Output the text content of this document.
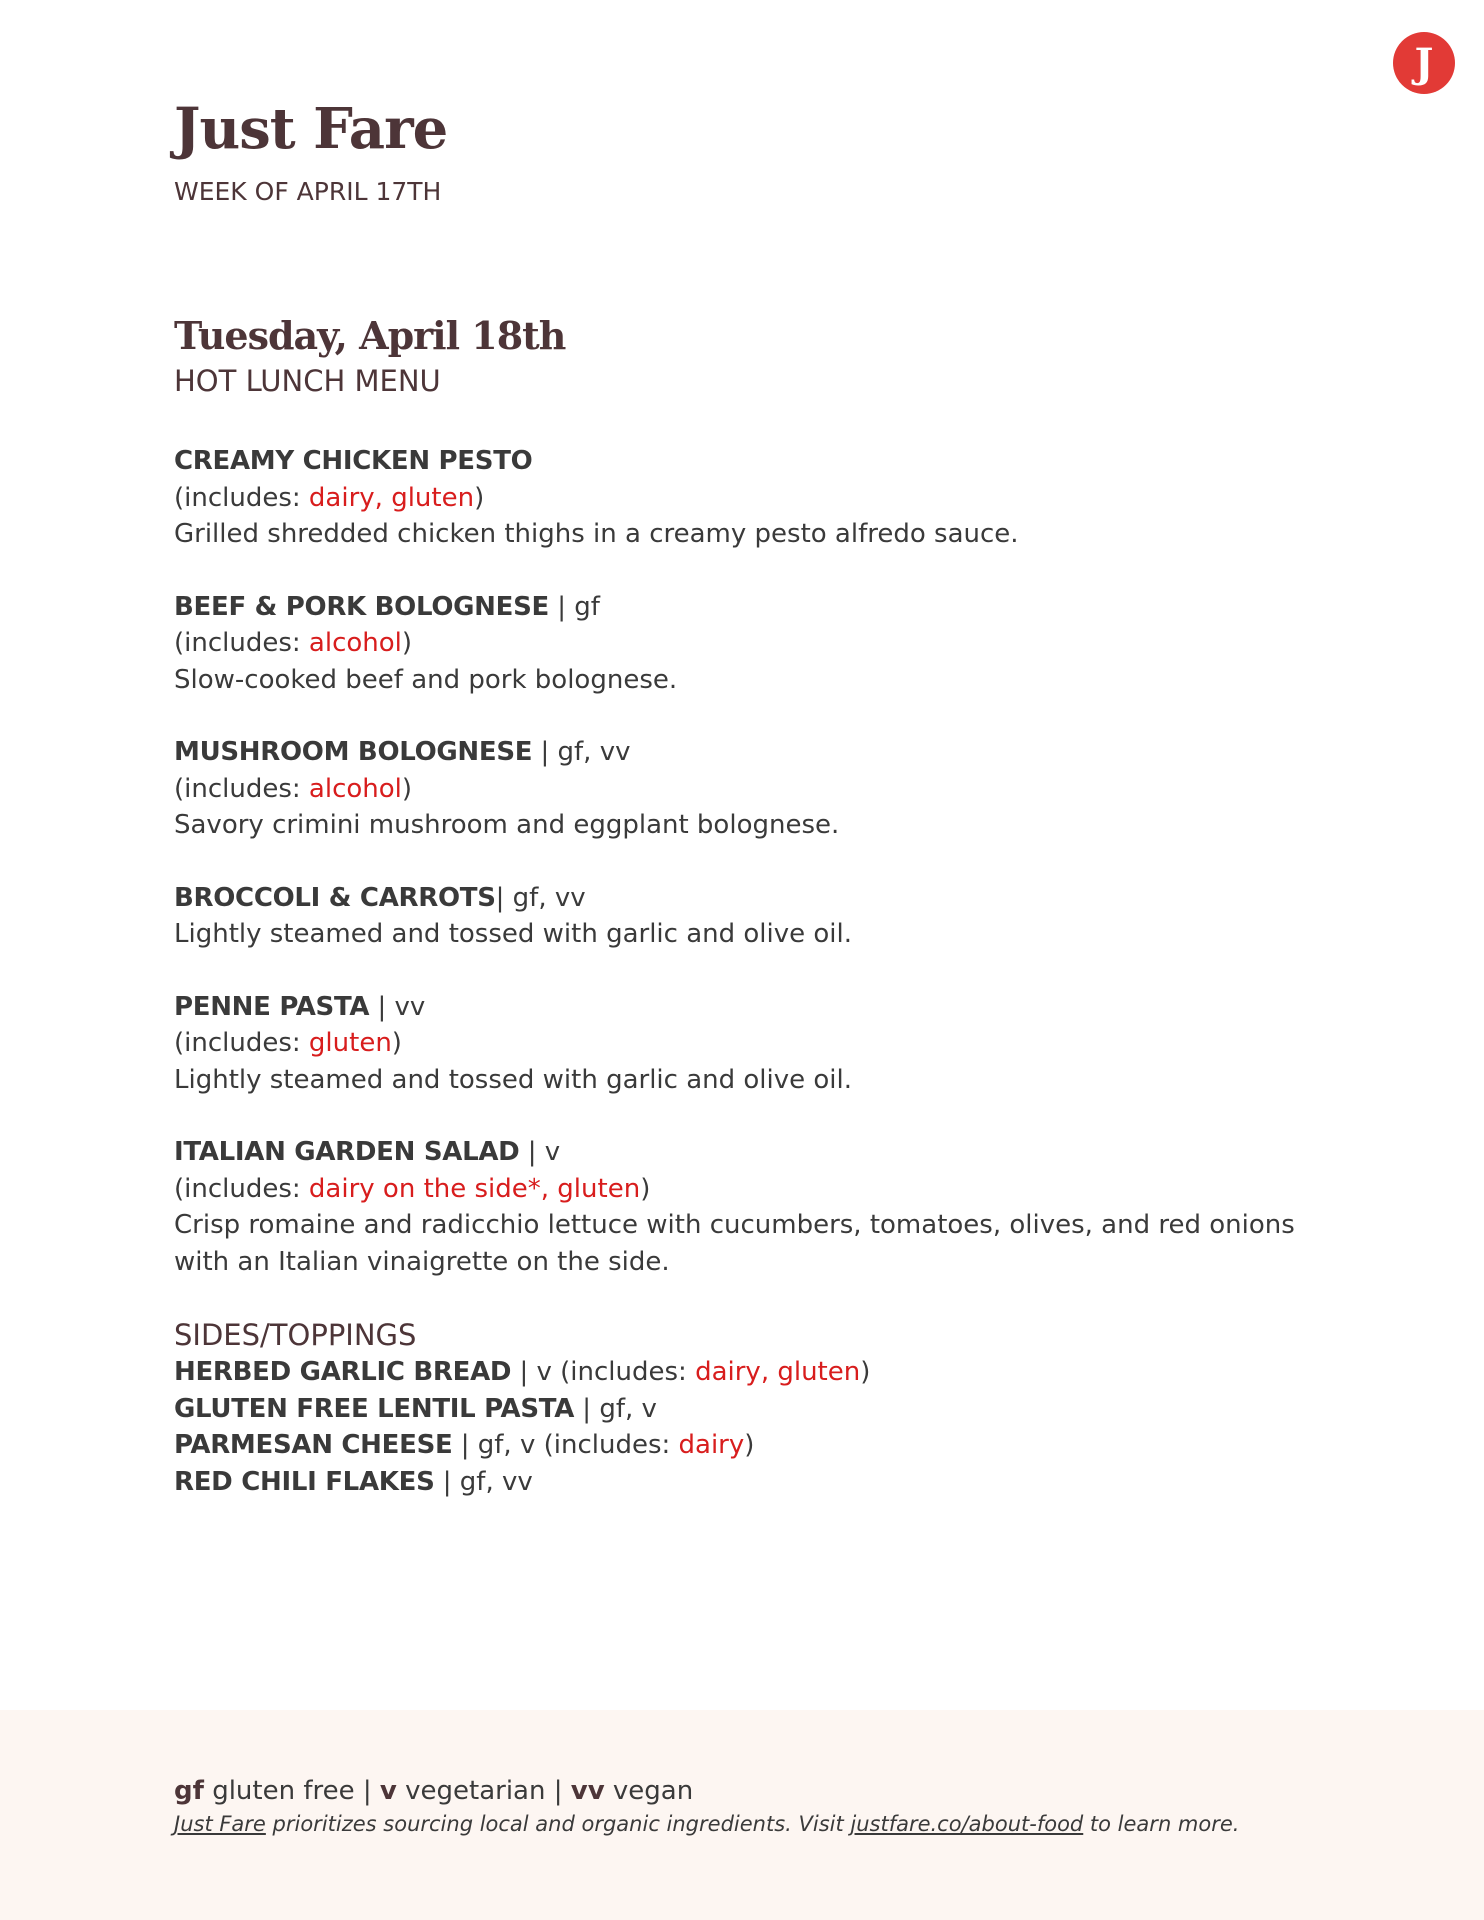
J
Just Fare
WEEK OF APRIL 17TH
Tuesday, April 18th
HOT LUNCH MENU
CREAMY CHICKEN PESTO
(includes: dairy, gluten)
Grilled shredded chicken thighs in a creamy pesto alfredo sauce.
BEEF & PORK BOLOGNESE | gf
(includes: alcohol)
Slow-cooked beef and pork bolognese.
MUSHROOM BOLOGNESE | gf, vv
(includes: alcohol)
Savory crimini mushroom and eggplant bolognese.
BROCCOLI & CARROTS| gf, vv
Lightly steamed and tossed with garlic and olive oil.
PENNE PASTA | vv
(includes: gluten)
Lightly steamed and tossed with garlic and olive oil.
ITALIAN GARDEN SALAD | v
(includes: dairy on the side*, gluten)
Crisp romaine and radicchio lettuce with cucumbers, tomatoes, olives, and red onions with an Italian vinaigrette on the side.
SIDES/TOPPINGS
HERBED GARLIC BREAD | v (includes: dairy, gluten)
GLUTEN FREE LENTIL PASTA | gf, v
PARMESAN CHEESE | gf, v (includes: dairy)
RED CHILI FLAKES | gf, vv
gf gluten free | v vegetarian | vv vegan
Just Fare prioritizes sourcing local and organic ingredients. Visit justfare.co/about-food to learn more.
